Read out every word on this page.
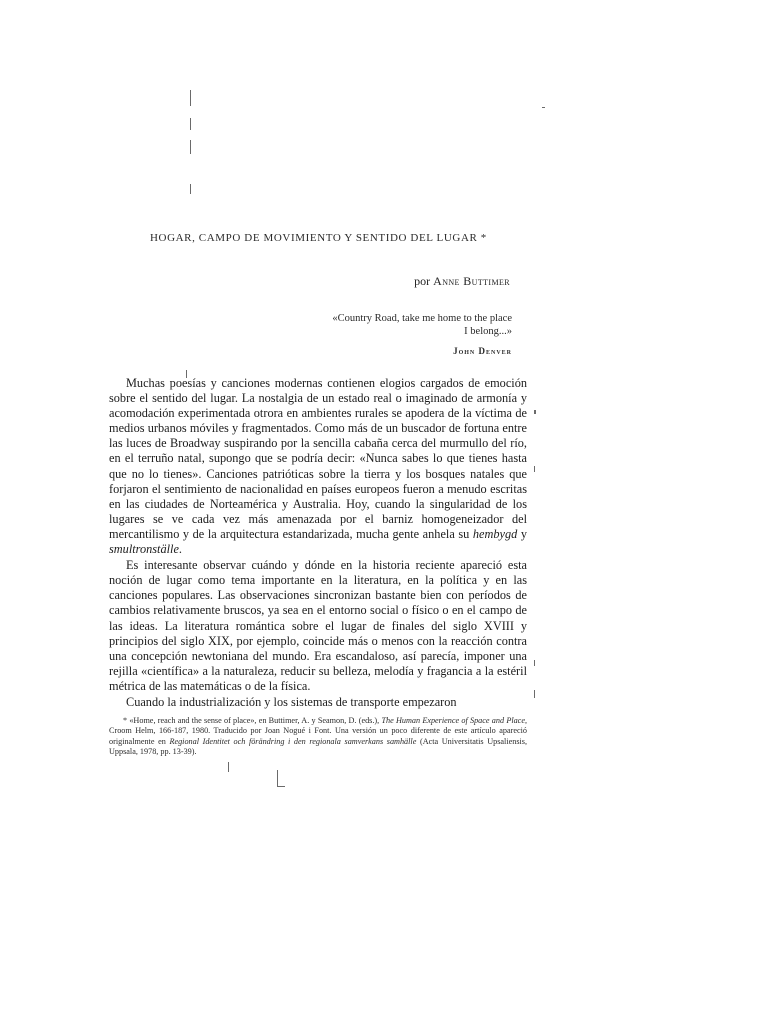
HOGAR, CAMPO DE MOVIMIENTO Y SENTIDO DEL LUGAR *
por Anne Buttimer
«Country Road, take me home to the place
I belong...»
John Denver

Muchas poesías y canciones modernas contienen elogios cargados de emoción sobre el sentido del lugar. La nostalgia de un estado real o imaginado de armonía y acomodación experimentada otrora en ambientes rurales se apodera de la víctima de medios urbanos móviles y fragmentados. Como más de un buscador de fortuna entre las luces de Broadway suspirando por la sencilla cabaña cerca del murmullo del río, en el terruño natal, supongo que se podría decir: «Nunca sabes lo que tienes hasta que no lo tienes». Canciones patrióticas sobre la tierra y los bosques natales que forjaron el sentimiento de nacionalidad en países europeos fueron a menudo escritas en las ciudades de Norteamérica y Australia. Hoy, cuando la singularidad de los lugares se ve cada vez más amenazada por el barniz homogeneizador del mercantilismo y de la arquitectura estandarizada, mucha gente anhela su hembygd y smultronställe.

Es interesante observar cuándo y dónde en la historia reciente apareció esta noción de lugar como tema importante en la literatura, en la política y en las canciones populares. Las observaciones sincronizan bastante bien con períodos de cambios relativamente bruscos, ya sea en el entorno social o físico o en el campo de las ideas. La literatura romántica sobre el lugar de finales del siglo XVIII y principios del siglo XIX, por ejemplo, coincide más o menos con la reacción contra una concepción newtoniana del mundo. Era escandaloso, así parecía, imponer una rejilla «científica» a la naturaleza, reducir su belleza, melodía y fragancia a la estéril métrica de las matemáticas o de la física.

Cuando la industrialización y los sistemas de transporte empezaron

* «Home, reach and the sense of place», en Buttimer, A. y Seamon, D. (eds.), The Human Experience of Space and Place, Croom Helm, 166-187, 1980. Traducido por Joan Nogué i Font. Una versión un poco diferente de este artículo apareció originalmente en Regional Identitet och förändring i den regionala samverkans samhälle (Acta Universitatis Upsaliensis, Uppsala, 1978, pp. 13-39).
